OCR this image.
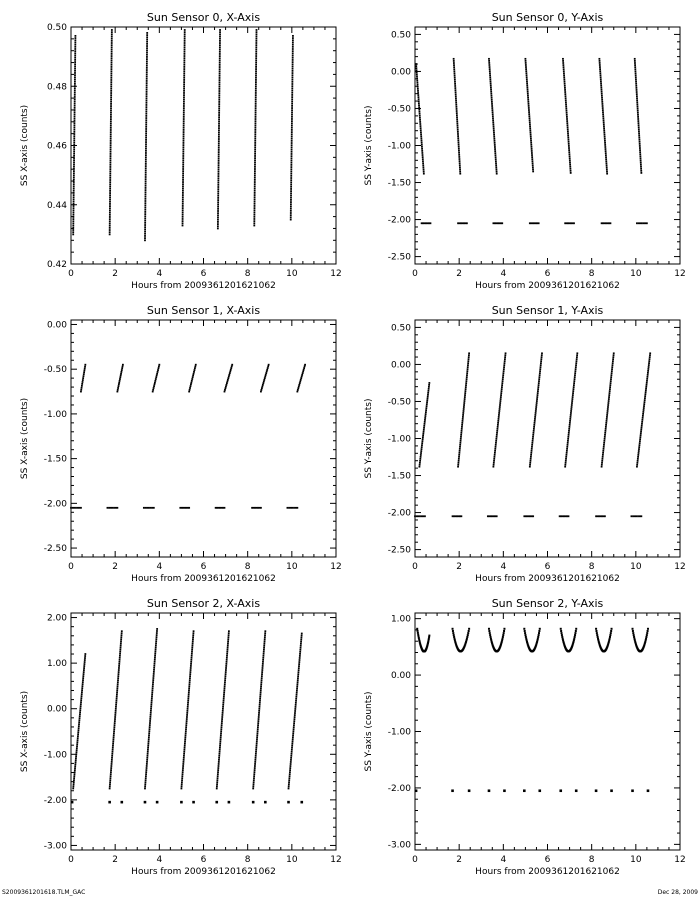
0	2	4	6	8	10	12
0.42
0.44
0.46
0.48
0.50
Sun Sensor 0, X-Axis
Hours from 2009361201621062
SS X-axis (counts)
0	2	4	6	8	10	12
-2.50
-2.00
-1.50
-1.00
-0.50
0.00
0.50
Sun Sensor 0, Y-Axis
Hours from 2009361201621062
SS Y-axis (counts)
0	2	4	6	8	10	12
-2.50
-2.00
-1.50
-1.00
-0.50
0.00
Sun Sensor 1, X-Axis
Hours from 2009361201621062
SS X-axis (counts)
0	2	4	6	8	10	12
-2.50
-2.00
-1.50
-1.00
-0.50
0.00
0.50
Sun Sensor 1, Y-Axis
Hours from 2009361201621062
SS Y-axis (counts)
0	2	4	6	8	10	12
-3.00
-2.00
-1.00
0.00
1.00
2.00
Sun Sensor 2, X-Axis
Hours from 2009361201621062
SS X-axis (counts)
0	2	4	6	8	10	12
-3.00
-2.00
-1.00
0.00
1.00
Sun Sensor 2, Y-Axis
Hours from 2009361201621062
SS Y-axis (counts)
S2009361201618.TLM_GAC	Dec 28, 2009
